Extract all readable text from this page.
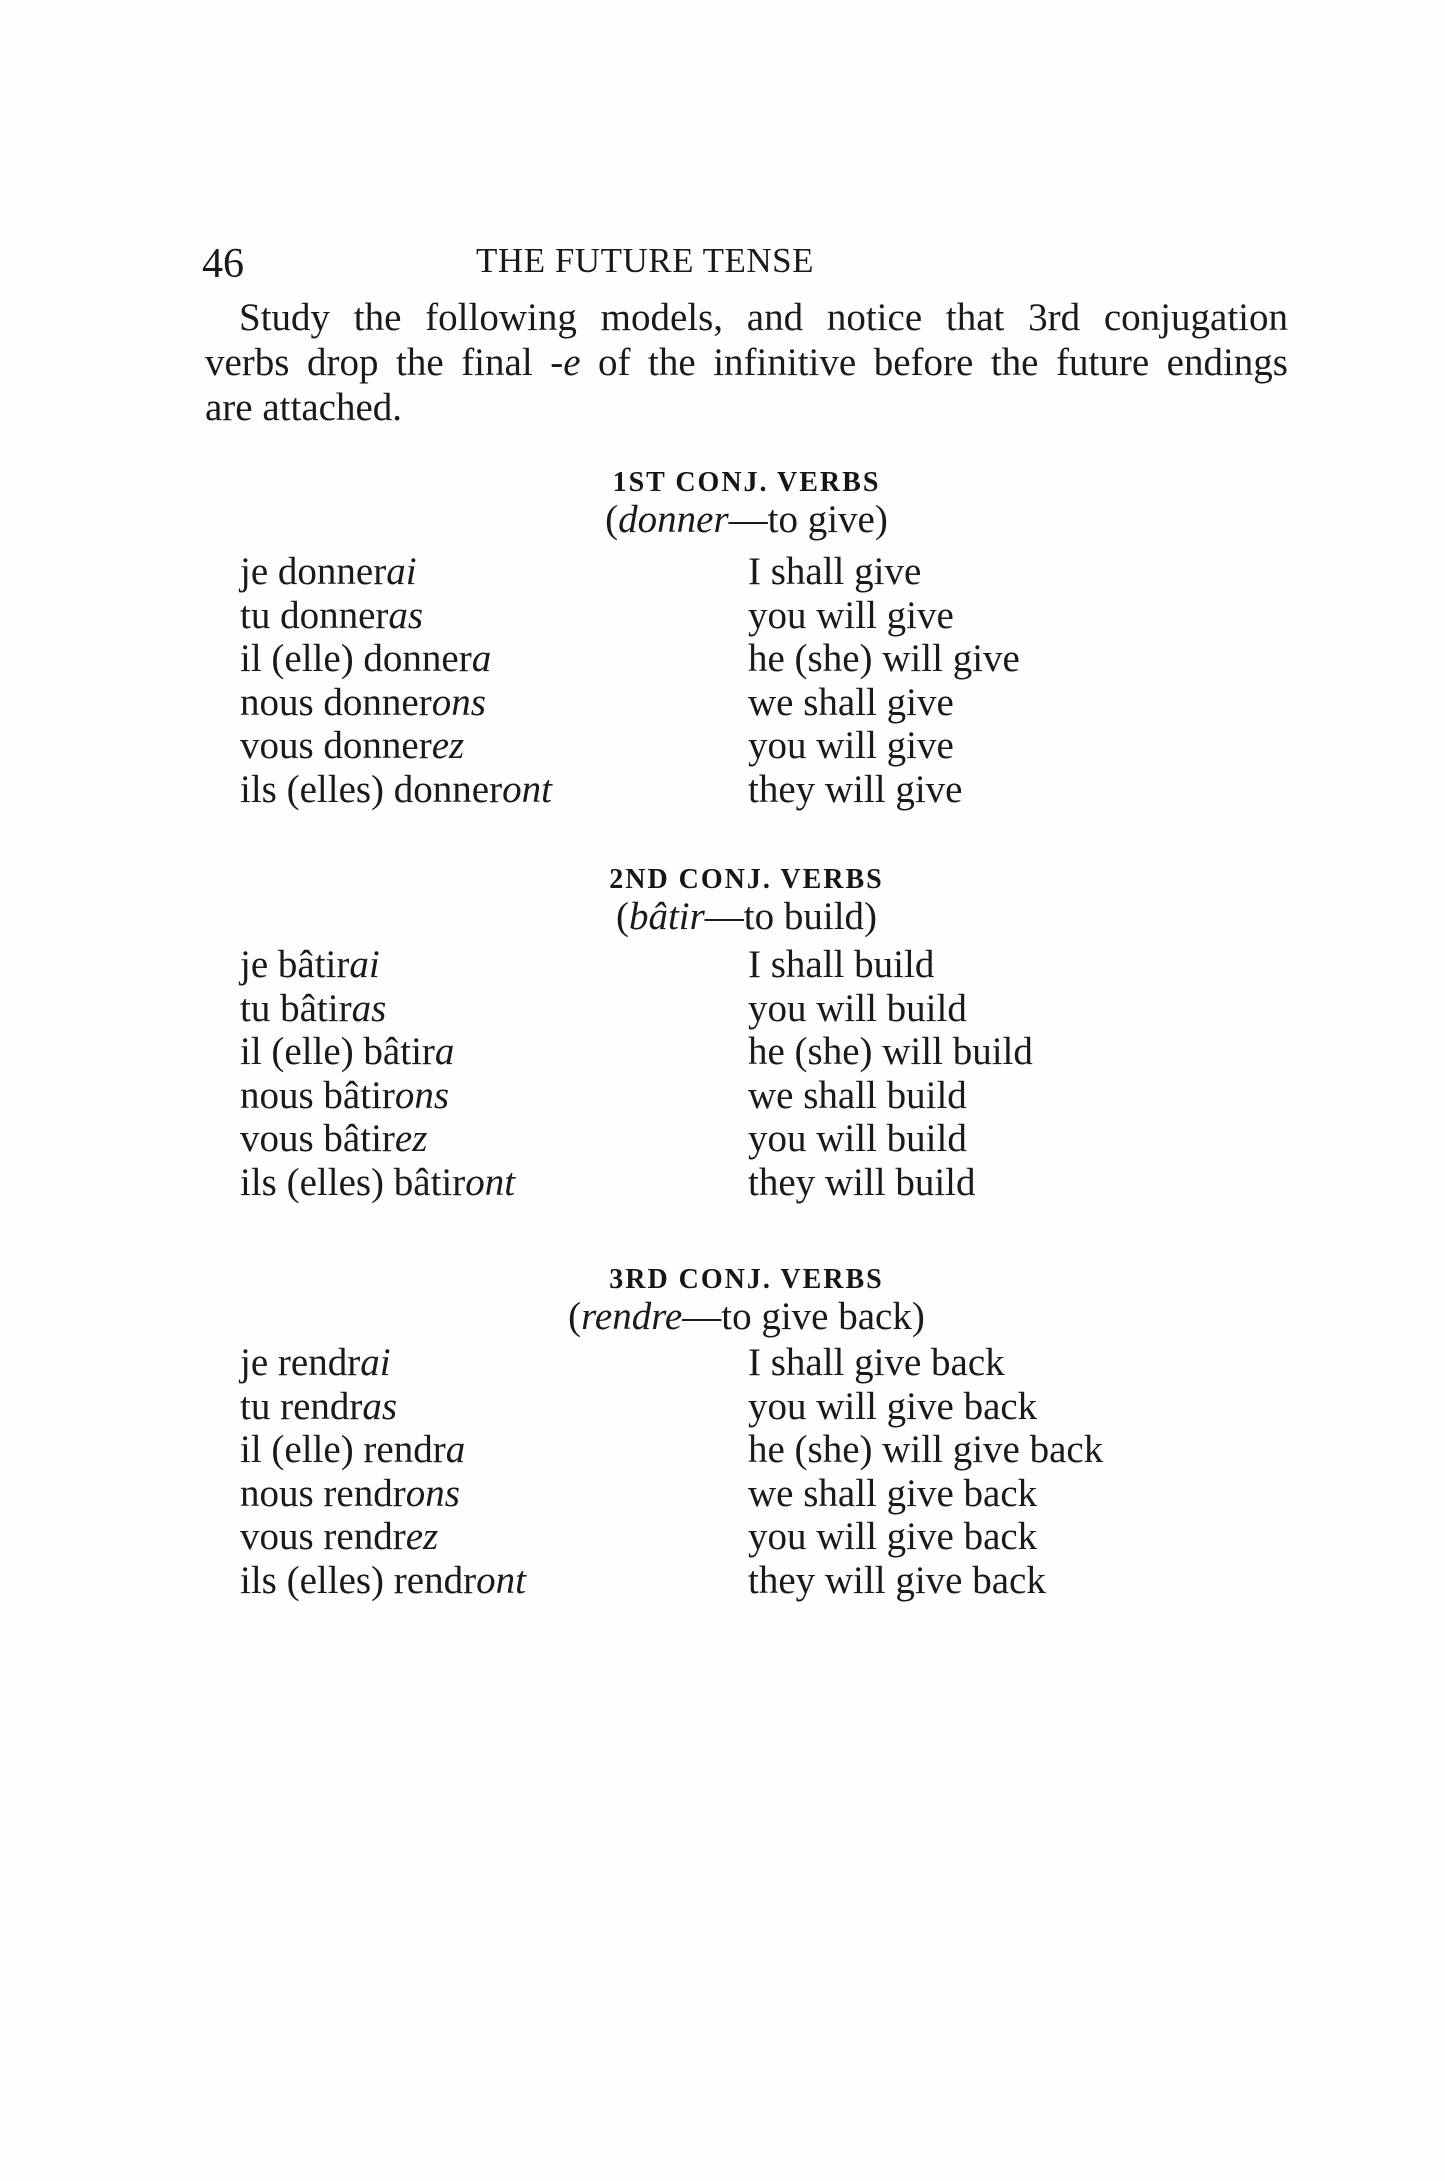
46	THE FUTURE TENSE
Study the following models, and notice that 3rd conjugation
verbs drop the final -e of the infinitive before the future endings
are attached.
1ST CONJ. VERBS
(donner—to give)
je donnerai
tu donneras
il (elle) donnera
nous donnerons
vous donnerez
ils (elles) donneront
I shall give
you will give
he (she) will give
we shall give
you will give
they will give
2ND CONJ. VERBS
(bâtir—to build)
je bâtirai
tu bâtiras
il (elle) bâtira
nous bâtirons
vous bâtirez
ils (elles) bâtiront
I shall build
you will build
he (she) will build
we shall build
you will build
they will build
3RD CONJ. VERBS
(rendre—to give back)
je rendrai
tu rendras
il (elle) rendra
nous rendrons
vous rendrez
ils (elles) rendront
I shall give back
you will give back
he (she) will give back
we shall give back
you will give back
they will give back
